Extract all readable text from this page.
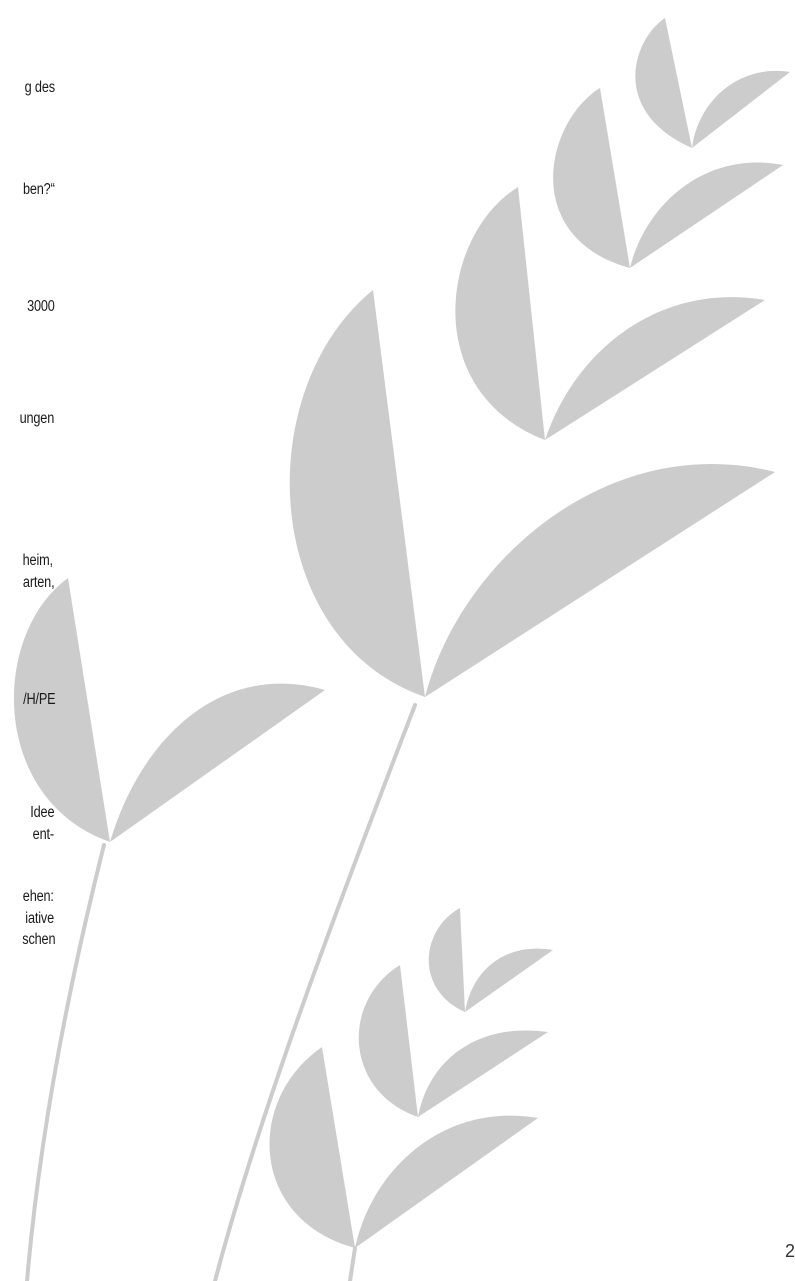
g des
ben?“
3000
ungen
heim,
arten,
/H/PE
Idee
ent-
ehen:
iative
schen
2
